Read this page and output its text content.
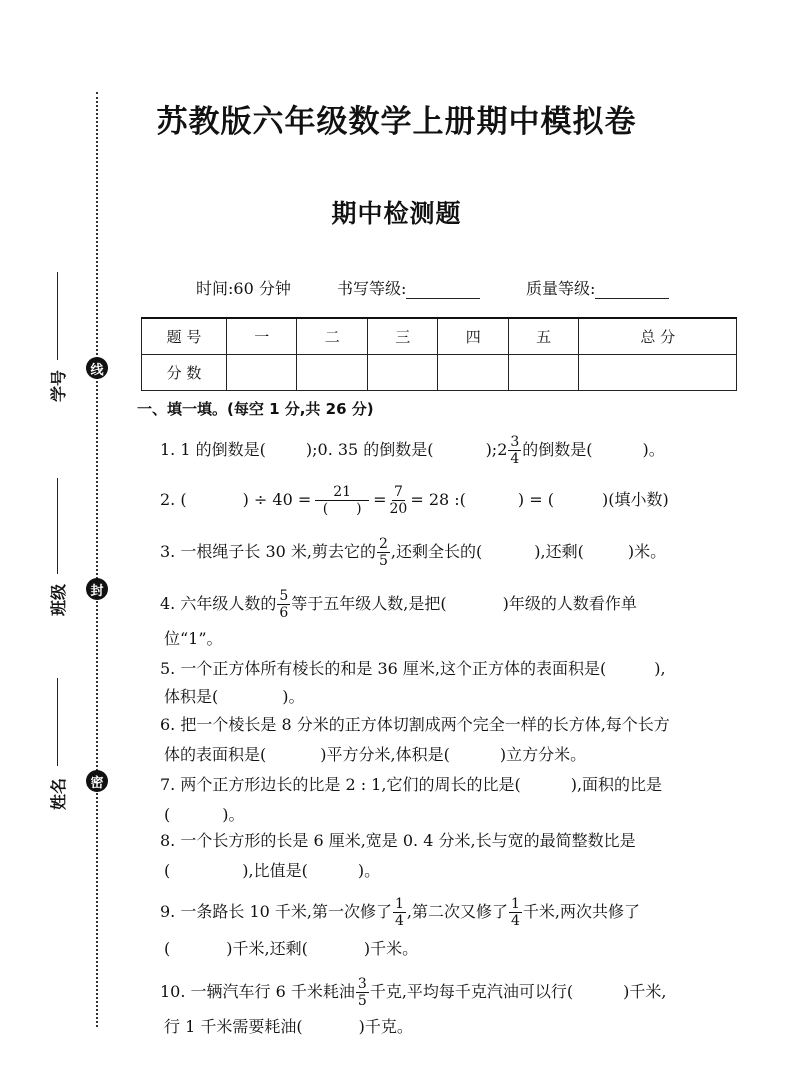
线
封
密
学号
班级
姓名
苏教版六年级数学上册期中模拟卷
期中检测题
时间:60 分钟	书写等级:	质量等级:
题 号	一	二	三	四	五	总 分
分 数						
一、填一填。(每空 1 分,共 26 分)
1. 1 的倒数是(	);0. 35 的倒数是(	);2 $\frac{3}{4}$ 的倒数是(	)。
2. (	) ÷ $40 = \frac{21}{( )} = \frac{7}{20} = 28$ :(	) = (	)(填小数)
3. 一根绳子长 30 米,剪去它的 $\frac{2}{5}$ ,还剩全长的(	),还剩(	)米。
4. 六年级人数的 $\frac{5}{6}$ 等于五年级人数,是把(	)年级的人数看作单
位“1”。
5. 一个正方体所有棱长的和是 36 厘米,这个正方体的表面积是(	),
体积是(	)。
6. 把一个棱长是 8 分米的正方体切割成两个完全一样的长方体,每个长方
体的表面积是(	)平方分米,体积是(	)立方分米。
7. 两个正方形边长的比是 2 : 1,它们的周长的比是(	),面积的比是
(	)。
8. 一个长方形的长是 6 厘米,宽是 0. 4 分米,长与宽的最简整数比是
(	),比值是(	)。
9. 一条路长 10 千米,第一次修了 $\frac{1}{4}$ ,第二次又修了 $\frac{1}{4}$ 千米,两次共修了
(	)千米,还剩(	)千米。
10. 一辆汽车行 6 千米耗油 $\frac{3}{5}$ 千克,平均每千克汽油可以行(	)千米,
行 1 千米需要耗油(	)千克。
